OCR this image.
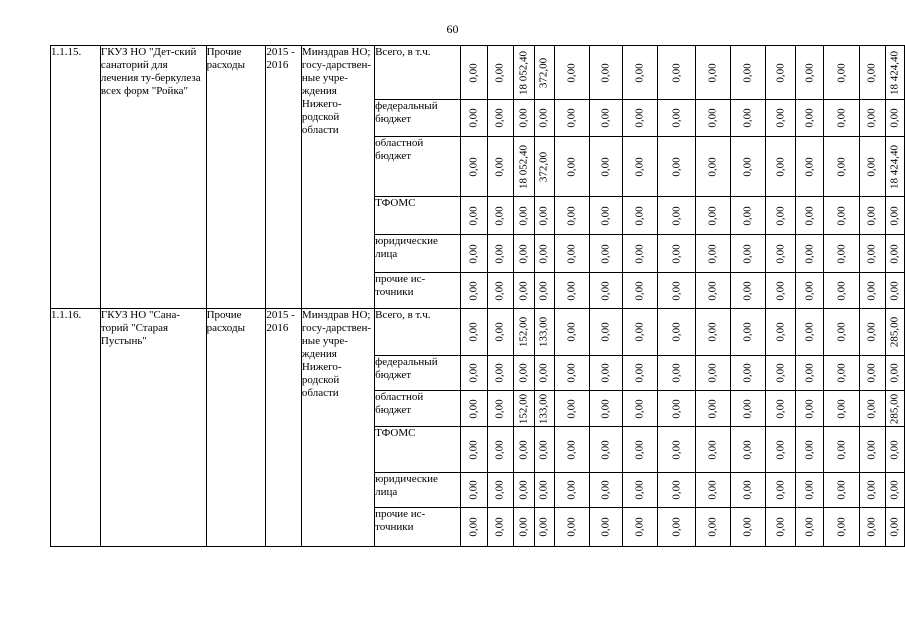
60
1.1.15.	ГКУЗ НО "Дет-ский санаторий для лечения ту-беркулеза всех форм "Ройка"	Прочие расходы	2015 - 2016	Минздрав НО; госу-дарствен-ные учре-ждения Нижего-родской области	Всего, в т.ч.	0,00	0,00	18 052,40	372,00	0,00	0,00	0,00	0,00	0,00	0,00	0,00	0,00	0,00	0,00	18 424,40

					федеральный бюджет	0,00	0,00	0,00	0,00	0,00	0,00	0,00	0,00	0,00	0,00	0,00	0,00	0,00	0,00	0,00

					областной бюджет	0,00	0,00	18 052,40	372,00	0,00	0,00	0,00	0,00	0,00	0,00	0,00	0,00	0,00	0,00	18 424,40

					ТФОМС	0,00	0,00	0,00	0,00	0,00	0,00	0,00	0,00	0,00	0,00	0,00	0,00	0,00	0,00	0,00

					юридические лица	0,00	0,00	0,00	0,00	0,00	0,00	0,00	0,00	0,00	0,00	0,00	0,00	0,00	0,00	0,00

					прочие ис-точники	0,00	0,00	0,00	0,00	0,00	0,00	0,00	0,00	0,00	0,00	0,00	0,00	0,00	0,00	0,00

1.1.16.	ГКУЗ НО "Сана-торий "Старая Пустынь"	Прочие расходы	2015 - 2016	Минздрав НО; госу-дарствен-ные учре-ждения Нижего-родской области	Всего, в т.ч.	0,00	0,00	152,00	133,00	0,00	0,00	0,00	0,00	0,00	0,00	0,00	0,00	0,00	0,00	285,00

					федеральный бюджет	0,00	0,00	0,00	0,00	0,00	0,00	0,00	0,00	0,00	0,00	0,00	0,00	0,00	0,00	0,00

					областной бюджет	0,00	0,00	152,00	133,00	0,00	0,00	0,00	0,00	0,00	0,00	0,00	0,00	0,00	0,00	285,00

					ТФОМС	0,00	0,00	0,00	0,00	0,00	0,00	0,00	0,00	0,00	0,00	0,00	0,00	0,00	0,00	0,00

					юридические лица	0,00	0,00	0,00	0,00	0,00	0,00	0,00	0,00	0,00	0,00	0,00	0,00	0,00	0,00	0,00

					прочие ис-точники	0,00	0,00	0,00	0,00	0,00	0,00	0,00	0,00	0,00	0,00	0,00	0,00	0,00	0,00	0,00
